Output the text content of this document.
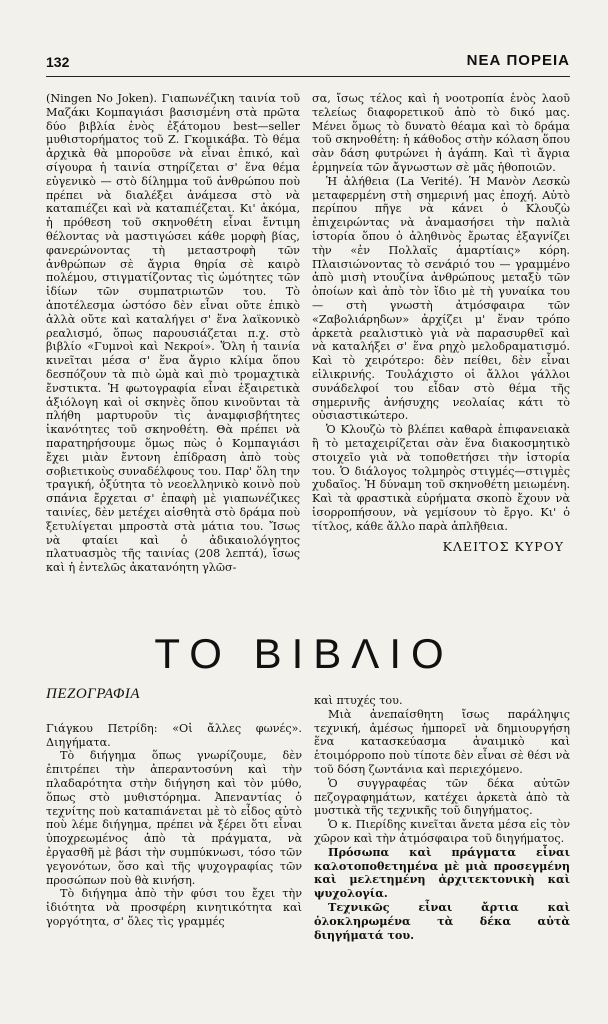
132	ΝΕΑ ΠΟΡΕΙΑ

(Ningen No Joken). Γιαπωνέζικη ταινία τοῦ Μαζάκι Κομπαγιάσι βασισμένη στὰ πρῶτα δύο βιβλία ἑνὸς ἐξάτομου best—seller μυθιστορήματος τοῦ Ζ. Γκομικάβα. Τὸ θέμα ἀρχικὰ θὰ μποροῦσε νὰ εἶναι ἐπικό, καὶ σίγουρα ἡ ταινία στηρίζεται σ' ἕνα θέμα εὐγενικὸ — στὸ δίλημμα τοῦ ἀνθρώπου ποὺ πρέπει νὰ διαλέξει ἀνάμεσα στὸ νὰ καταπιέζει καὶ νὰ καταπιέζεται. Κι' ἀκόμα, ἡ πρόθεση τοῦ σκηνοθέτη εἶναι ἔντιμη θέλοντας νὰ μαστιγώσει κάθε μορφὴ βίας, φανερώνοντας τὴ μεταστροφὴ τῶν ἀνθρώπων σὲ ἄγρια θηρία σὲ καιρὸ πολέμου, στιγματίζοντας τὶς ὠμότητες τῶν ἰδίων τῶν συμπατριωτῶν του. Τὸ ἀποτέλεσμα ὡστόσο δὲν εἶναι οὔτε ἐπικὸ ἀλλὰ οὔτε καὶ καταλήγει σ' ἕνα λαϊκονικὸ ρεαλισμό, ὅπως παρουσιάζεται π.χ. στὸ βιβλίο «Γυμνοὶ καὶ Νεκροί». Ὅλη ἡ ταινία κινεῖται μέσα σ' ἕνα ἄγριο κλίμα ὅπου δεσπόζουν τὰ πιὸ ὠμὰ καὶ πιὸ τρομαχτικὰ ἔνστικτα. Ἡ φωτογραφία εἶναι ἐξαιρετικὰ ἀξιόλογη καὶ οἱ σκηνὲς ὅπου κινοῦνται τὰ πλήθη μαρτυροῦν τὶς ἀναμφισβήτητες ἱκανότητες τοῦ σκηνοθέτη. Θὰ πρέπει νὰ παρατηρήσουμε ὅμως πὼς ὁ Κομπαγιάσι ἔχει μιὰν ἔντονη ἐπίδραση ἀπὸ τοὺς σοβιετικοὺς συναδέλφους του. Παρ' ὅλη την τραγική, ὀξύτητα τὸ νεοελληνικὸ κοινὸ ποὺ σπάνια ἔρχεται σ' ἐπαφὴ μὲ γιαπωνέζικες ταινίες, δὲν μετέχει αἰσθητὰ στὸ δράμα ποὺ ξετυλίγεται μπροστὰ στὰ μάτια του. Ἴσως νὰ φταίει καὶ ὁ ἀδικαιολόγητος πλατυασμὸς τῆς ταινίας (208 λεπτά), ἴσως καὶ ἡ ἐντελῶς ἀκατανόητη γλῶσ-

σα, ἴσως τέλος καὶ ἡ νοοτροπία ἑνὸς λαοῦ τελείως διαφορετικοῦ ἀπὸ τὸ δικό μας. Μένει ὅμως τὸ δυνατὸ θέαμα καὶ τὸ δράμα τοῦ σκηνοθέτη: ἡ κάθοδος στὴν κόλαση ὅπου σὰν δάση φυτρώνει ἡ ἀγάπη. Καὶ τὶ ἄγρια ἑρμηνεία τῶν ἄγνωστων σὲ μᾶς ἠθοποιῶν.

Ἡ ἀλήθεια (La Verité). Ἡ Μανὸν Λεσκὼ μεταφερμένη στὴ σημερινή μας ἐποχή. Αὐτὸ περίπου πῆγε νὰ κάνει ὁ Κλουζὼ ἐπιχειρώντας νὰ ἀναμασήσει τὴν παλιὰ ἱστορία ὅπου ὁ ἀληθινὸς ἔρωτας ἐξαγνίζει τὴν «ἐν Πολλαῖς ἁμαρτίαις» κόρη. Πλαισιώνοντας τὸ σενάριό του — γραμμένο ἀπὸ μισὴ ντουζίνα ἀνθρώπους μεταξὺ τῶν ὁποίων καὶ ἀπὸ τὸν ἴδιο μὲ τὴ γυναίκα του — στὴ γνωστὴ ἀτμόσφαιρα τῶν «Ζαβολιάρηδων» ἀρχίζει μ' ἕναν τρόπο ἀρκετὰ ρεαλιστικὸ γιὰ νὰ παρασυρθεῖ καὶ νὰ καταλήξει σ' ἕνα ρηχὸ μελοδραματισμό. Καὶ τὸ χειρότερο: δὲν πείθει, δὲν εἶναι εἰλικρινής. Τουλάχιστο οἱ ἄλλοι γάλλοι συνάδελφοί του εἶδαν στὸ θέμα τῆς σημερινῆς ἀνήσυχης νεολαίας κάτι τὸ οὐσιαστικώτερο.

Ὁ Κλουζὼ τὸ βλέπει καθαρὰ ἐπιφανειακὰ ἢ τὸ μεταχειρίζεται σὰν ἕνα διακοσμητικὸ στοιχεῖο γιὰ νὰ τοποθετήσει τὴν ἱστορία του. Ὁ διάλογος τολμηρὸς στιγμές—στιγμὲς χυδαῖος. Ἡ δύναμη τοῦ σκηνοθέτη μειωμένη. Καὶ τὰ φραστικὰ εὑρήματα σκοπὸ ἔχουν νὰ ἰσορροπήσουν, νὰ γεμίσουν τὸ ἔργο. Κι' ὁ τίτλος, κάθε ἄλλο παρὰ ἁπλῆθεια.

ΚΛΕΙΤΟΣ ΚΥΡΟΥ
ΤΟ ΒΙΒΛΙΟ
ΠΕΖΟΓΡΑΦΙΑ

Γιάγκου Πετρίδη: «Οἱ ἄλλες φωνές». Διηγήματα.

Τὸ διήγημα ὅπως γνωρίζουμε, δὲν ἐπιτρέπει τὴν ἀπεραντοσύνη καὶ τὴν πλαδαρότητα στὴν διήγηση καὶ τὸν μύθο, ὅπως στὸ μυθιστόρημα. Ἀπεναντίας ὁ τεχνίτης ποὺ καταπιάνεται μὲ τὸ εἶδος αὐτὸ ποὺ λέμε διήγημα, πρέπει νὰ ξέρει ὅτι εἶναι ὑποχρεωμένος ἀπὸ τὰ πράγματα, νὰ ἐργασθῆ μὲ βάσι τὴν συμπύκνωσι, τόσο τῶν γεγονότων, ὅσο καὶ τῆς ψυχογραφίας τῶν προσώπων ποὺ θὰ κινήση.

Τὸ διήγημα ἀπὸ τὴν φύσι του ἔχει τὴν ἰδιότητα νὰ προσφέρη κινητικότητα καὶ γοργότητα, σ' ὅλες τὶς γραμμές

καὶ πτυχές του.

Μιὰ ἀνεπαίσθητη ἴσως παράληψις τεχνική, ἀμέσως ἠμπορεῖ νὰ δημιουργήση ἕνα κατασκεύασμα ἀναιμικὸ καὶ ἑτοιμόρροπο ποὺ τίποτε δὲν εἶναι σὲ θέσι νὰ τοῦ δόση ζωντάνια καὶ περιεχόμενο.

Ὁ συγγραφέας τῶν δέκα αὐτῶν πεζογραφημάτων, κατέχει ἀρκετὰ ἀπὸ τὰ μυστικὰ τῆς τεχνικῆς τοῦ διηγήματος.

Ὁ κ. Πιερίδης κινεῖται ἄνετα μέσα εἰς τὸν χῶρον καὶ τὴν ἀτμόσφαιρα τοῦ διηγήματος.

Πρόσωπα καὶ πράγματα εἶναι καλοτοποθετημένα μὲ μιὰ προσεγμένη καὶ μελετημένη ἀρχιτεκτονικὴ καὶ ψυχολογία.

Τεχνικῶς εἶναι ἄρτια καὶ ὁλοκληρωμένα τὰ δέκα αὐτὰ διηγήματά του.
